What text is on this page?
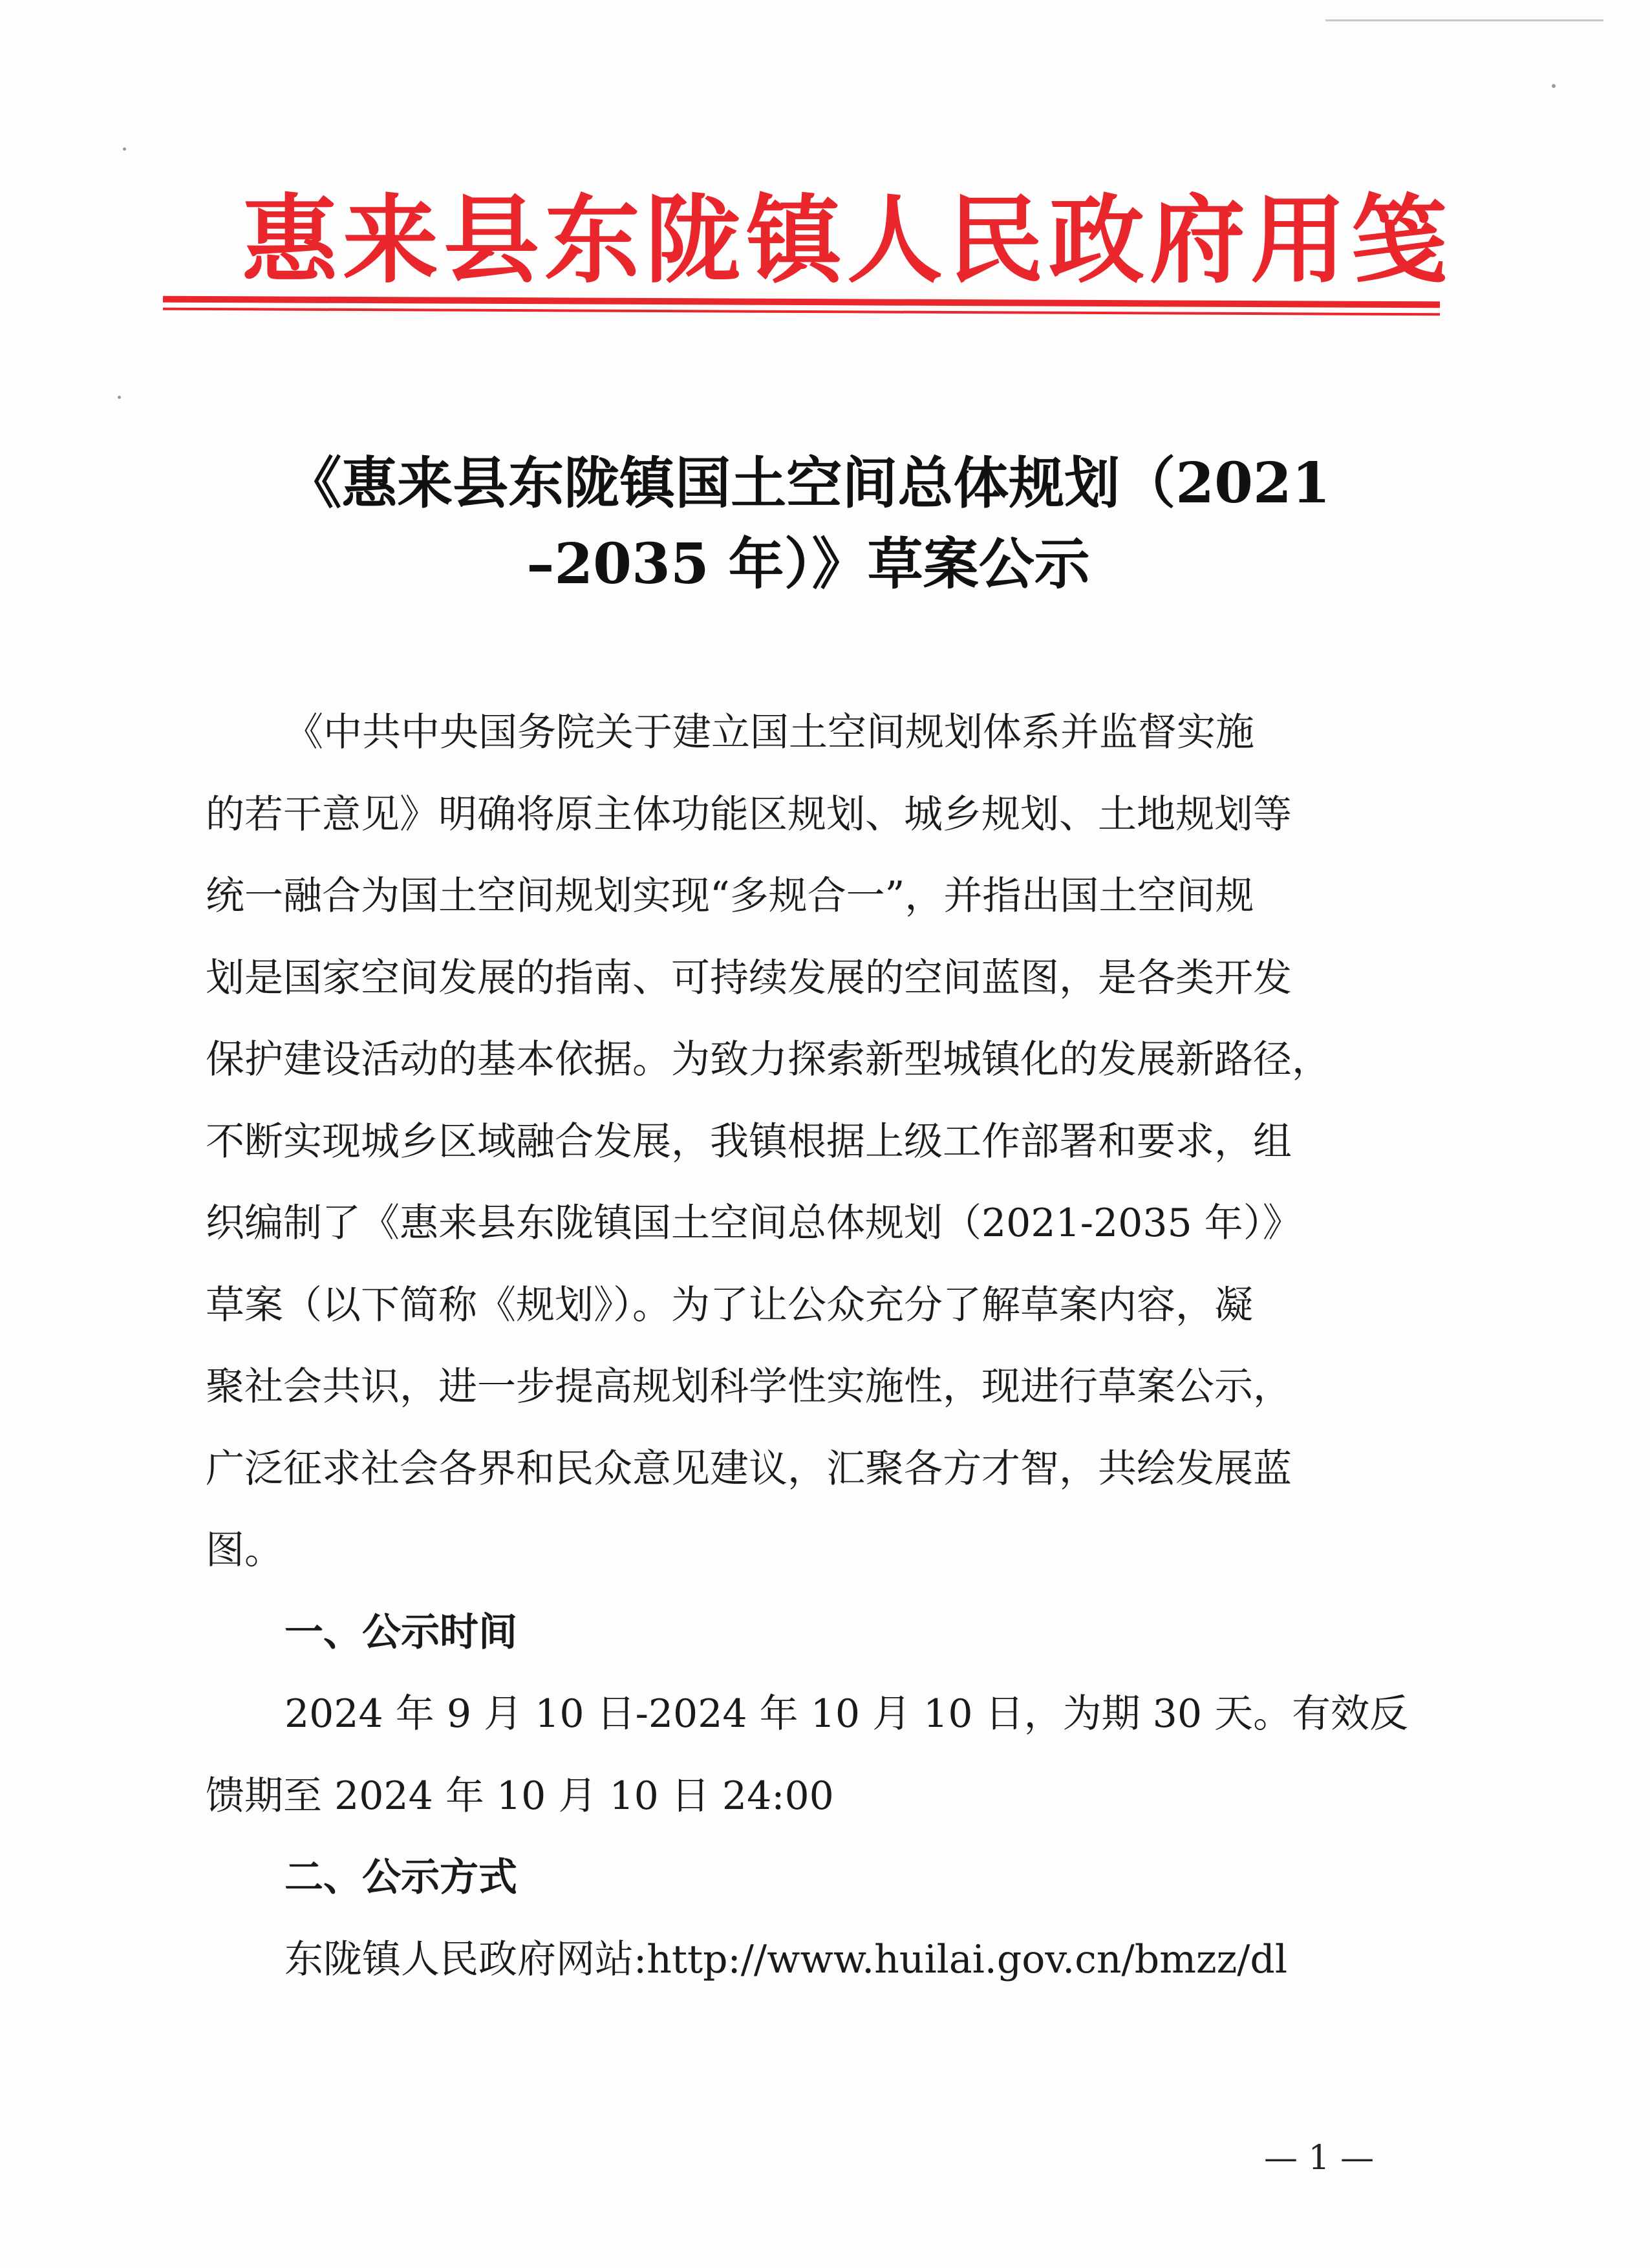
惠来县东陇镇人民政府用笺
《惠来县东陇镇国土空间总体规划（2021
–2035 年）》草案公示
《中共中央国务院关于建立国土空间规划体系并监督实施
的若干意见》明确将原主体功能区规划、城乡规划、土地规划等
统一融合为国土空间规划实现“多规合一”，并指出国土空间规
划是国家空间发展的指南、可持续发展的空间蓝图，是各类开发
保护建设活动的基本依据。为致力探索新型城镇化的发展新路径，
不断实现城乡区域融合发展，我镇根据上级工作部署和要求，组
织编制了《惠来县东陇镇国土空间总体规划（2021-2035 年）》
草案（以下简称《规划》）。为了让公众充分了解草案内容，凝
聚社会共识，进一步提高规划科学性实施性，现进行草案公示，
广泛征求社会各界和民众意见建议，汇聚各方才智，共绘发展蓝
图。
一、公示时间
2024 年 9 月 10 日-2024 年 10 月 10 日，为期 30 天。有效反
馈期至 2024 年 10 月 10 日 24:00
二、公示方式
东陇镇人民政府网站:http://www.huilai.gov.cn/bmzz/dl
— 1 —
